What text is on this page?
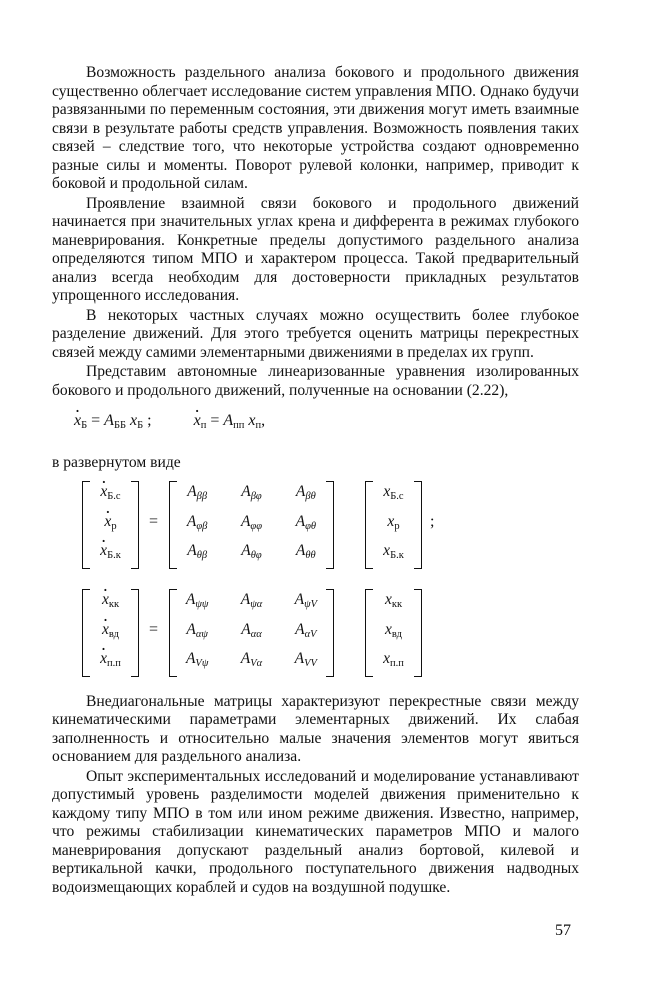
Возможность раздельного анализа бокового и продольного движения существенно облегчает исследование систем управления МПО. Однако будучи развязанными по переменным состояния, эти движения могут иметь взаимные связи в результате работы средств управления. Возможность появления таких связей – следствие того, что некоторые устройства создают одновременно разные силы и моменты. Поворот рулевой колонки, например, приводит к боковой и продольной силам.

Проявление взаимной связи бокового и продольного движений начинается при значительных углах крена и дифферента в режимах глубокого маневрирования. Конкретные пределы допустимого раздельного анализа определяются типом МПО и характером процесса. Такой предварительный анализ всегда необходим для достоверности прикладных результатов упрощенного исследования.

В некоторых частных случаях можно осуществить более глубокое разделение движений. Для этого требуется оценить матрицы перекрестных связей между самими элементарными движениями в пределах их групп.

Представим автономные линеаризованные уравнения изолированных бокового и продольного движений, полученные на основании (2.22),

· $x_Б = A_{ББ}$ $x_Б$ ;	· $x_п = A_{пп}$ $x_п$,

в развернутом виде

· $x_{Б.с}$
· $x_р$
· $x_{Б.к}$
=
$A_{\beta\beta}$	$A_{\beta\varphi}$	$A_{\beta\theta}$
$A_{\varphi\beta}$	$A_{\varphi\varphi}$	$A_{\varphi\theta}$
$A_{\theta\beta}$	$A_{\theta\varphi}$	$A_{\theta\theta}$
$x_{Б.с}$
$x_р$
$x_{Б.к}$
;
· $x_{кк}$
· $x_{вд}$
· $x_{п.п}$
=
$A_{\psi\psi}$	$A_{\psi\alpha}$	$A_{\psi V}$
$A_{\alpha\psi}$	$A_{\alpha\alpha}$	$A_{\alpha V}$
$A_{V\psi}$	$A_{V\alpha}$	$A_{VV}$
$x_{кк}$
$x_{вд}$
$x_{п.п}$

Внедиагональные матрицы характеризуют перекрестные связи между кинематическими параметрами элементарных движений. Их слабая заполненность и относительно малые значения элементов могут явиться основанием для раздельного анализа.

Опыт экспериментальных исследований и моделирование устанавливают допустимый уровень разделимости моделей движения применительно к каждому типу МПО в том или ином режиме движения. Известно, например, что режимы стабилизации кинематических параметров МПО и малого маневрирования допускают раздельный анализ бортовой, килевой и вертикальной качки, продольного поступательного движения надводных водоизмещающих кораблей и судов на воздушной подушке.

57
